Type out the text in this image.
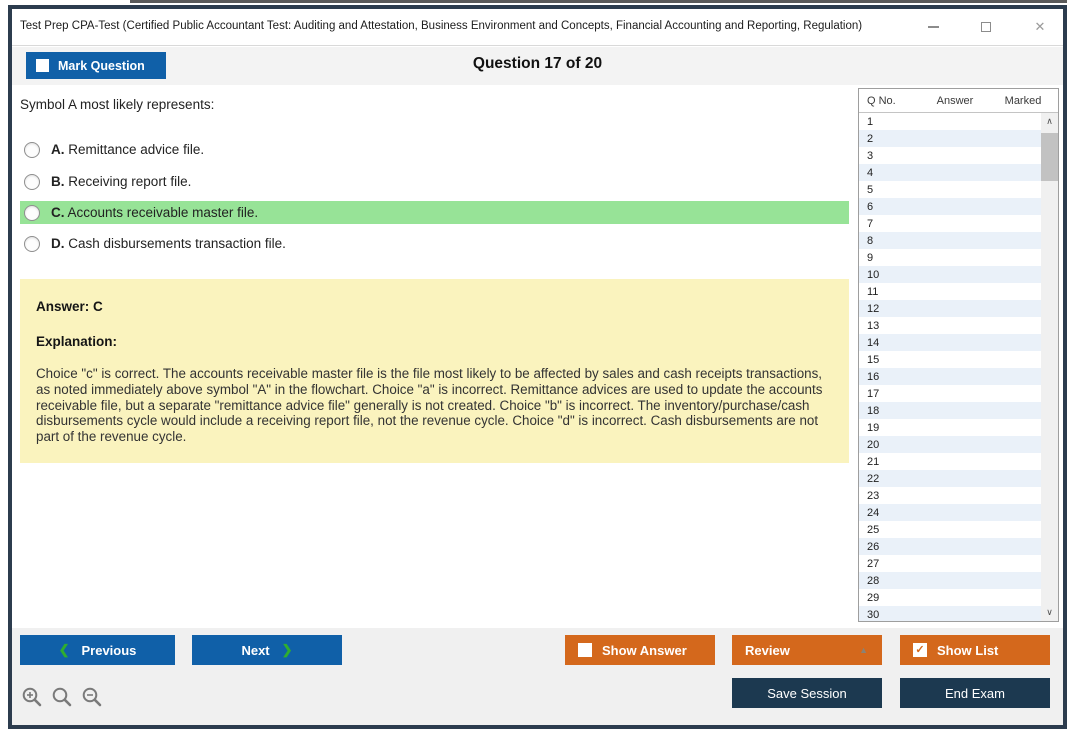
Test Prep CPA-Test (Certified Public Accountant Test: Auditing and Attestation, Business Environment and Concepts, Financial Accounting and Reporting, Regulation)	✕
Mark Question	Question 17 of 20
Symbol A most likely represents:
A. Remittance advice file.
B. Receiving report file.
C. Accounts receivable master file.
D. Cash disbursements transaction file.
Answer: C
Explanation:
Choice "c" is correct. The accounts receivable master file is the file most likely to be affected by sales and cash receipts transactions, as noted immediately above symbol "A" in the flowchart. Choice "a" is incorrect. Remittance advices are used to update the accounts receivable file, but a separate "remittance advice file" generally is not created. Choice "b" is incorrect. The inventory/purchase/cash disbursements cycle would include a receiving report file, not the revenue cycle. Choice "d" is incorrect. Cash disbursements are not part of the revenue cycle.
Q No.	Answer	Marked
1
2
3
4
5
6
7
8
9
10
11
12
13
14
15
16
17
18
19
20
21
22
23
24
25
26
27
28
29
30
∧
∨
❮ Previous	Next ❯	Show Answer	Review	▲	✓ Show List
Save Session	End Exam
